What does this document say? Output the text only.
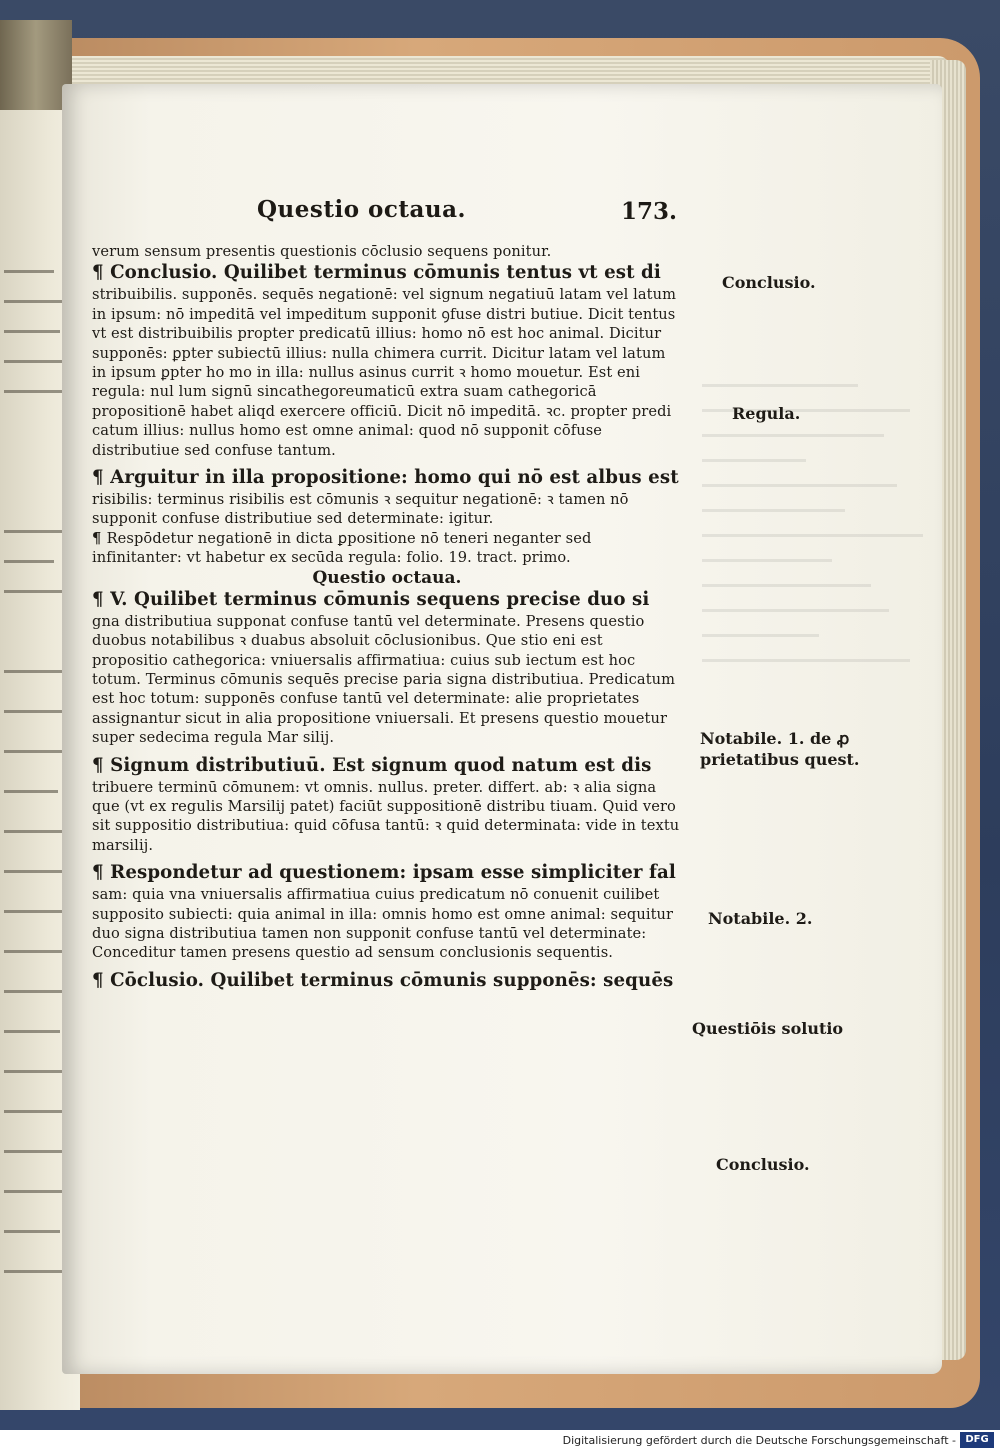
Questio octaua.	173.

verum sensum presentis questionis cōclusio sequens ponitur.

¶ Conclusio. Quilibet terminus cōmunis tentus vt est di

stribuibilis. supponēs. sequēs negationē: vel signum negatiuū latam vel latum in ipsum: nō impeditā vel impeditum supponit ꝯfuse distri butiue. Dicit tentus vt est distribuibilis propter predicatū illius: homo nō est hoc animal. Dicitur supponēs: ꝑpter subiectū illius: nulla chimera currit. Dicitur latam vel latum in ipsum ꝑpter ho mo in illa: nullus asinus currit ꝛ homo mouetur. Est eni regula: nul lum signū sincathegoreumaticū extra suam cathegoricā propositionē habet aliqd exercere officiū. Dicit nō impeditā. ꝛc. propter predi catum illius: nullus homo est omne animal: quod nō supponit cōfuse distributiue sed confuse tantum.

¶ Arguitur in illa propositione: homo qui nō est albus est

risibilis: terminus risibilis est cōmunis ꝛ sequitur negationē: ꝛ tamen nō supponit confuse distributiue sed determinate: igitur.

¶ Respōdetur negationē in dicta ꝑpositione nō teneri neganter sed infinitanter: vt habetur ex secūda regula: folio. 19. tract. primo.

Questio octaua.

¶ V. Quilibet terminus cōmunis sequens precise duo si

gna distributiua supponat confuse tantū vel determinate. Presens questio duobus notabilibus ꝛ duabus absoluit cōclusionibus. Que stio eni est propositio cathegorica: vniuersalis affirmatiua: cuius sub iectum est hoc totum. Terminus cōmunis sequēs precise paria signa distributiua. Predicatum est hoc totum: supponēs confuse tantū vel determinate: alie proprietates assignantur sicut in alia propositione vniuersali. Et presens questio mouetur super sedecima regula Mar silij.

¶ Signum distributiuū. Est signum quod natum est dis

tribuere terminū cōmunem: vt omnis. nullus. preter. differt. ab: ꝛ alia signa que (vt ex regulis Marsilij patet) faciūt suppositionē distribu tiuam. Quid vero sit suppositio distributiua: quid cōfusa tantū: ꝛ quid determinata: vide in textu marsilij.

¶ Respondetur ad questionem: ipsam esse simpliciter fal

sam: quia vna vniuersalis affirmatiua cuius predicatum nō conuenit cuilibet supposito subiecti: quia animal in illa: omnis homo est omne animal: sequitur duo signa distributiua tamen non supponit confuse tantū vel determinate: Conceditur tamen presens questio ad sensum conclusionis sequentis.

¶ Cōclusio. Quilibet terminus cōmunis supponēs: sequēs

Conclusio.
Regula.
Notabile. 1. de ꝓ prietatibus quest.
Notabile. 2.
Questiōis solutio
Conclusio.
Digitalisierung gefördert durch die Deutsche Forschungsgemeinschaft - DFG
